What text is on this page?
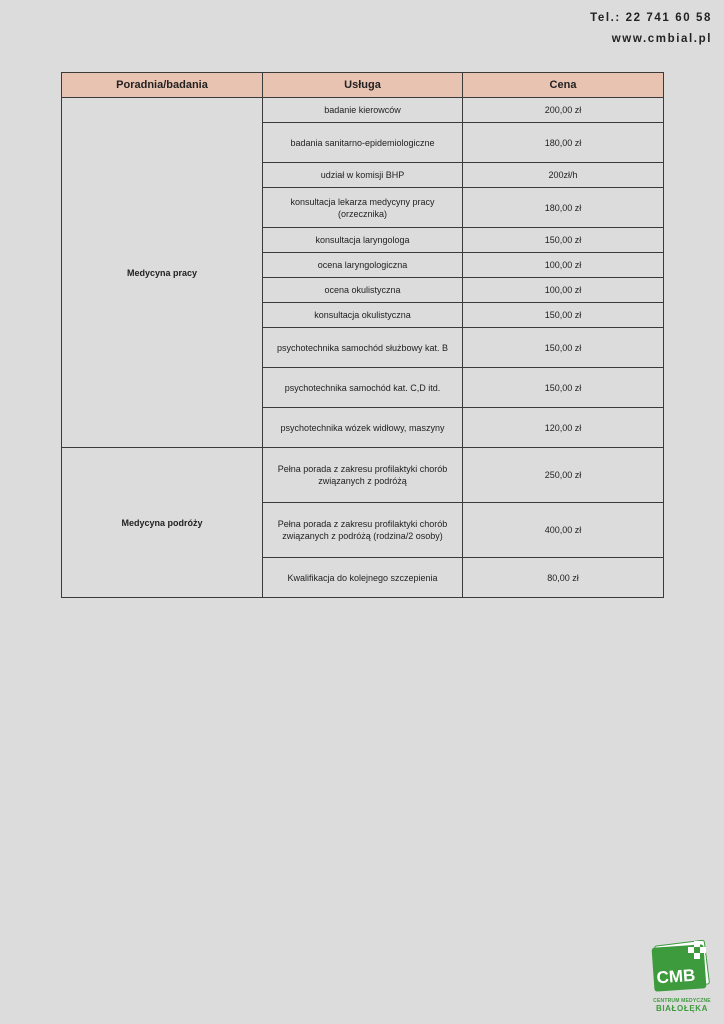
Tel.: 22 741 60 58
www.cmbial.pl
Poradnia/badania	Usługa	Cena
Medycyna pracy	badanie kierowców	200,00 zł
	badania sanitarno-epidemiologiczne	180,00 zł
	udział w komisji BHP	200zł/h
	konsultacja lekarza medycyny pracy (orzecznika)	180,00 zł
	konsultacja laryngologa	150,00 zł
	ocena laryngologiczna	100,00 zł
	ocena okulistyczna	100,00 zł
	konsultacja okulistyczna	150,00 zł
	psychotechnika samochód służbowy kat. B	150,00 zł
	psychotechnika samochód kat. C,D itd.	150,00 zł
	psychotechnika wózek widłowy, maszyny	120,00 zł
Medycyna podróży	Pełna porada z zakresu profilaktyki chorób związanych z podróżą	250,00 zł
	Pełna porada z zakresu profilaktyki chorób związanych z podróżą (rodzina/2 osoby)	400,00 zł
	Kwalifikacja do kolejnego szczepienia	80,00 zł
CMB
CENTRUM MEDYCZNE
BIAŁOŁĘKA
